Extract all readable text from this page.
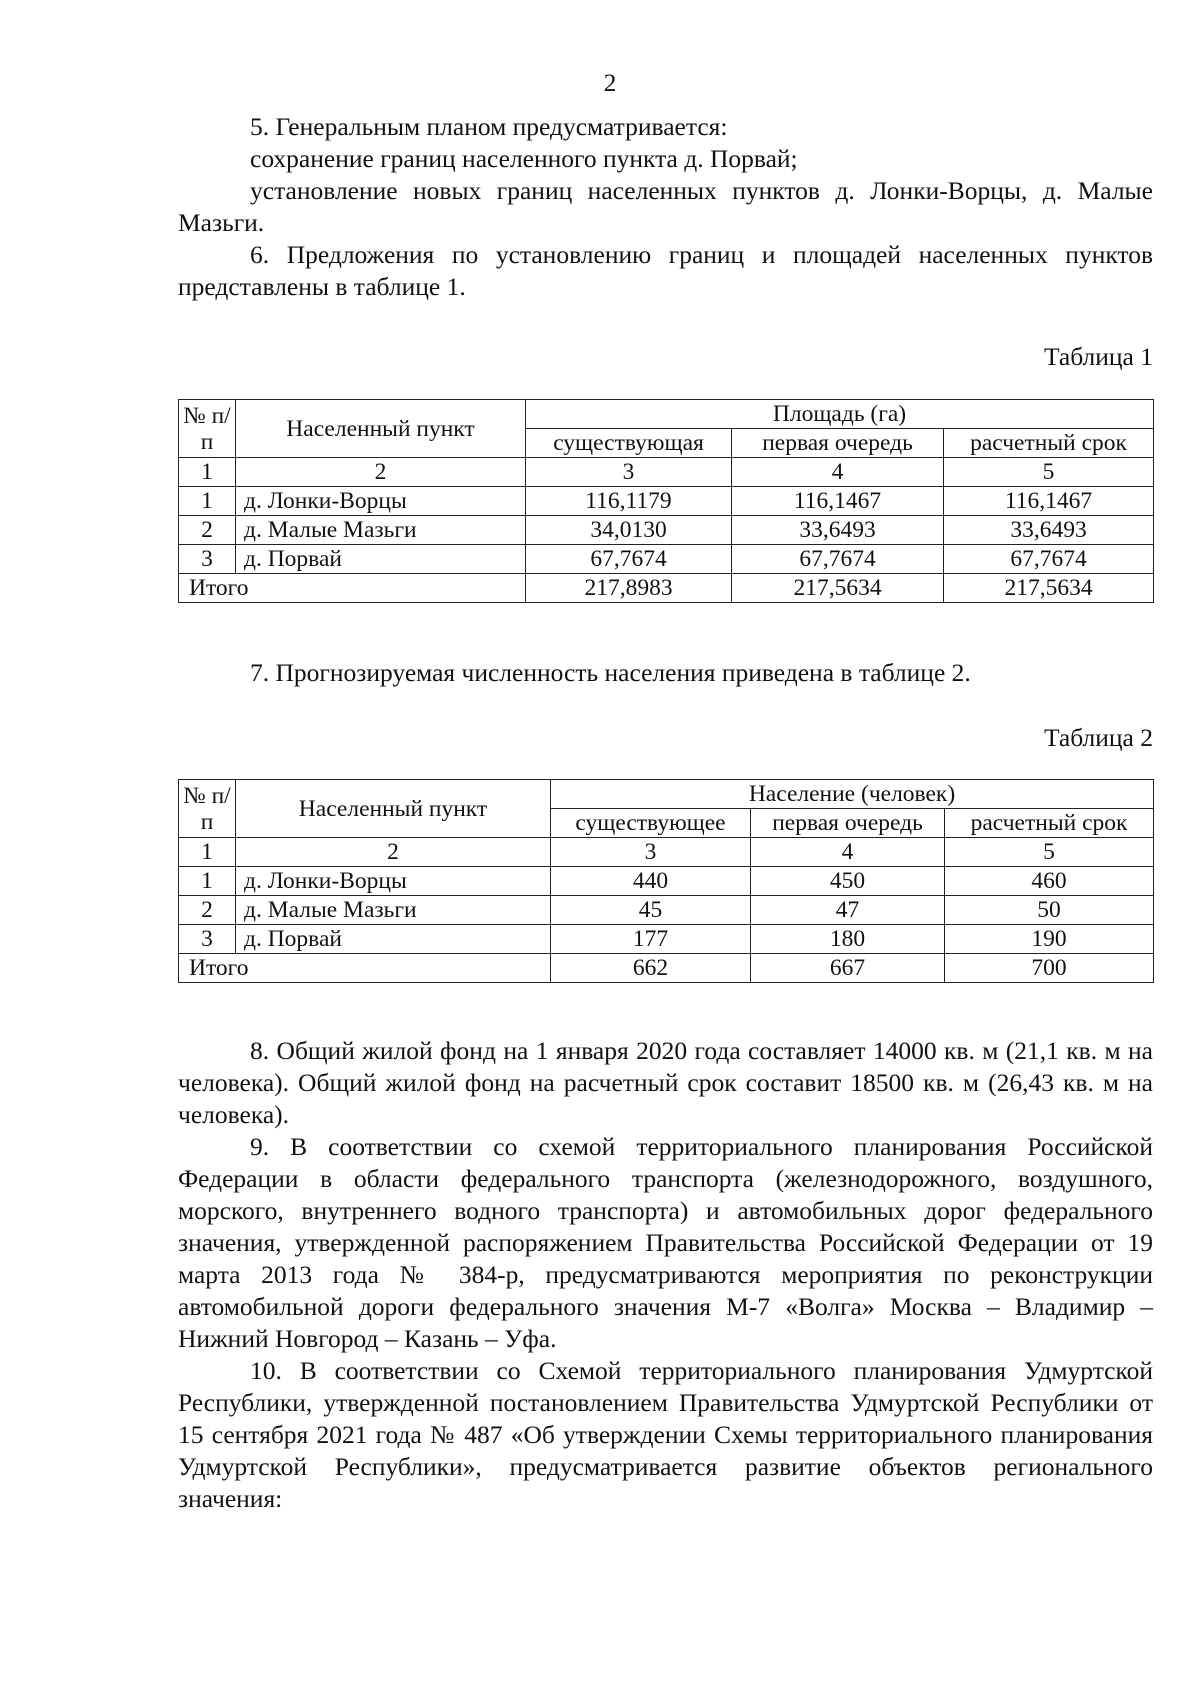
2

5. Генеральным планом предусматривается:

сохранение границ населенного пункта д. Порвай;

установление новых границ населенных пунктов д. Лонки-Ворцы, д. Малые Мазьги.

6. Предложения по установлению границ и площадей населенных пунктов представлены в таблице 1.

Таблица 1
№ п/п	Населенный пункт	Площадь (га)		
		существующая	первая очередь	расчетный срок
1	2	3	4	5
1	д. Лонки-Ворцы	116,1179	116,1467	116,1467
2	д. Малые Мазьги	34,0130	33,6493	33,6493
3	д. Порвай	67,7674	67,7674	67,7674
Итого		217,8983	217,5634	217,5634

7. Прогнозируемая численность населения приведена в таблице 2.

Таблица 2
№ п/п	Населенный пункт	Население (человек)		
		существующее	первая очередь	расчетный срок
1	2	3	4	5
1	д. Лонки-Ворцы	440	450	460
2	д. Малые Мазьги	45	47	50
3	д. Порвай	177	180	190
Итого		662	667	700

8. Общий жилой фонд на 1 января 2020 года составляет 14000 кв. м (21,1 кв. м на человека). Общий жилой фонд на расчетный срок составит 18500 кв. м (26,43 кв. м на человека).

9. В соответствии со схемой территориального планирования Российской Федерации в области федерального транспорта (железнодорожного, воздушного, морского, внутреннего водного транспорта) и автомобильных дорог федерального значения, утвержденной распоряжением Правительства Российской Федерации от 19 марта 2013 года № 384-р, предусматриваются мероприятия по реконструкции автомобильной дороги федерального значения М-7 «Волга» Москва – Владимир – Нижний Новгород – Казань – Уфа.

10. В соответствии со Схемой территориального планирования Удмуртской Республики, утвержденной постановлением Правительства Удмуртской Республики от 15 сентября 2021 года № 487 «Об утверждении Схемы территориального планирования Удмуртской Республики», предусматривается развитие объектов регионального значения:
